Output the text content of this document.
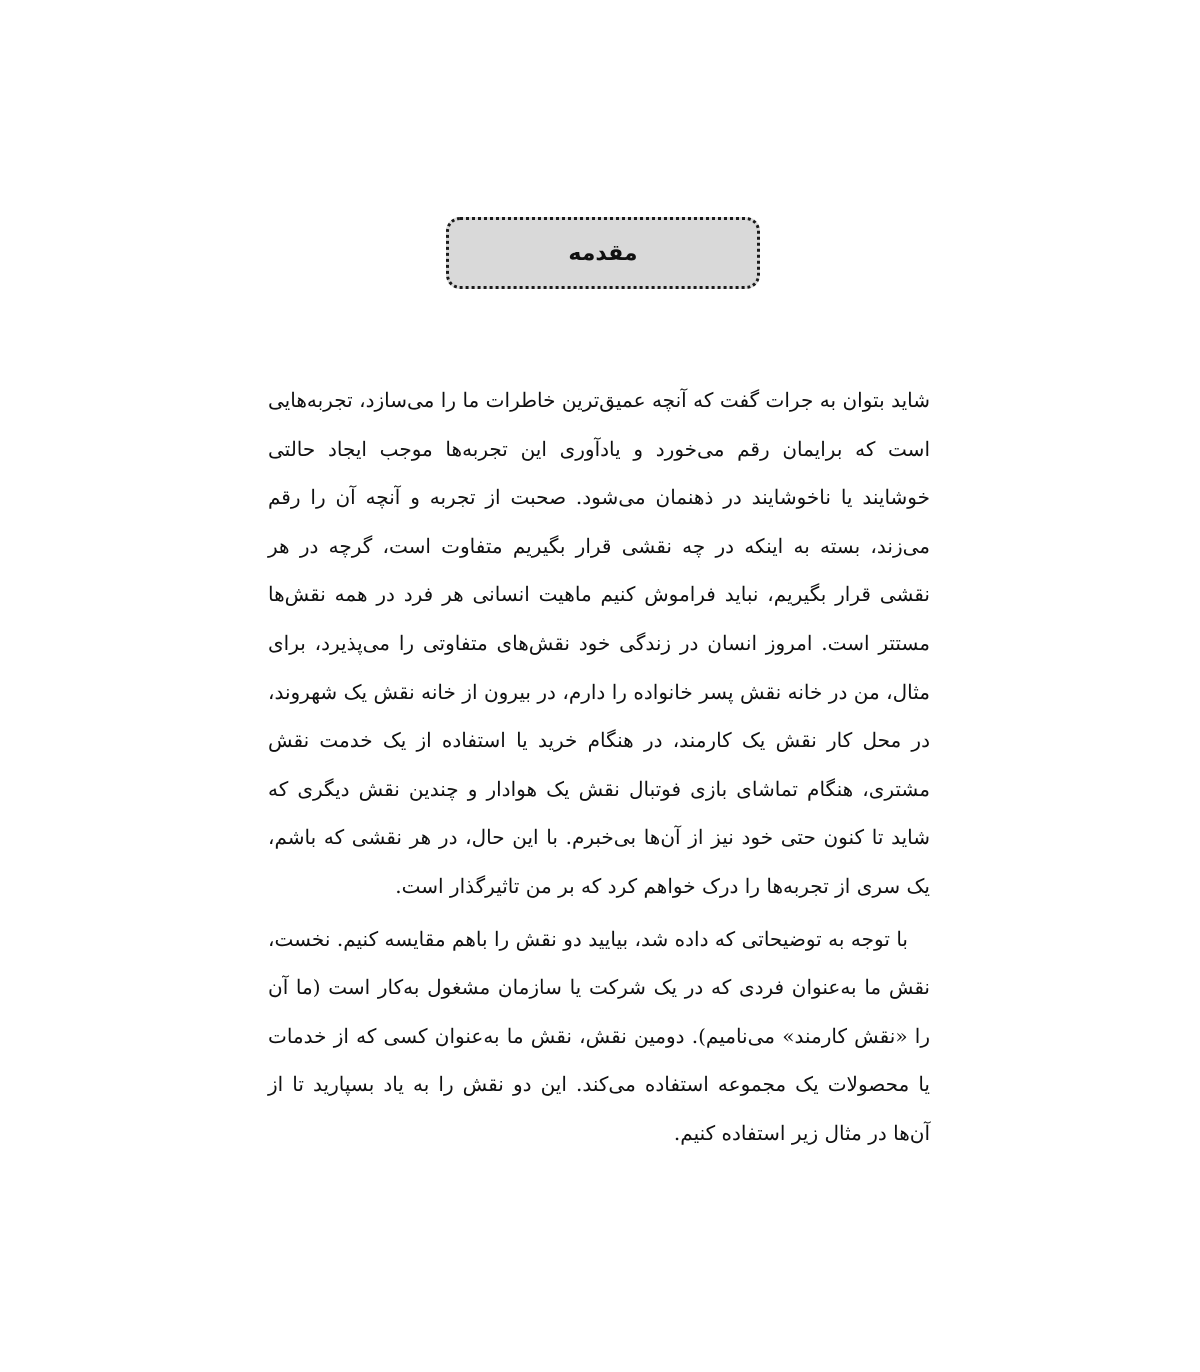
مقدمه

شاید بتوان به جرات گفت که آنچه عمیق‌ترین خاطرات ما را می‌سازد، تجربه‌هایی است که برایمان رقم می‌خورد و یادآوری این تجربه‌ها موجب ایجاد حالتی خوشایند یا ناخوشایند در ذهنمان می‌شود. صحبت از تجربه و آنچه آن را رقم می‌زند، بسته به اینکه در چه نقشی قرار بگیریم متفاوت است، گرچه در هر نقشی قرار بگیریم، نباید فراموش کنیم ماهیت انسانی هر فرد در همه نقش‌ها مستتر است. امروز انسان در زندگی خود نقش‌های متفاوتی را می‌پذیرد، برای مثال، من در خانه نقش پسر خانواده را دارم، در بیرون از خانه نقش یک شهروند، در محل کار نقش یک کارمند، در هنگام خرید یا استفاده از یک خدمت نقش مشتری، هنگام تماشای بازی فوتبال نقش یک هوادار و چندین نقش دیگری که شاید تا کنون حتی خود نیز از آن‌ها بی‌خبرم. با این حال، در هر نقشی که باشم، یک سری از تجربه‌ها را درک خواهم کرد که بر من تاثیرگذار است.

با توجه به توضیحاتی که داده شد، بیایید دو نقش را باهم مقایسه کنیم. نخست، نقش ما به‌عنوان فردی که در یک شرکت یا سازمان مشغول به‌کار است (ما آن را «نقش کارمند» می‌نامیم). دومین نقش، نقش ما به‌عنوان کسی که از خدمات یا محصولات یک مجموعه استفاده می‌کند. این دو نقش را به یاد بسپارید تا از آن‌ها در مثال زیر استفاده کنیم.
